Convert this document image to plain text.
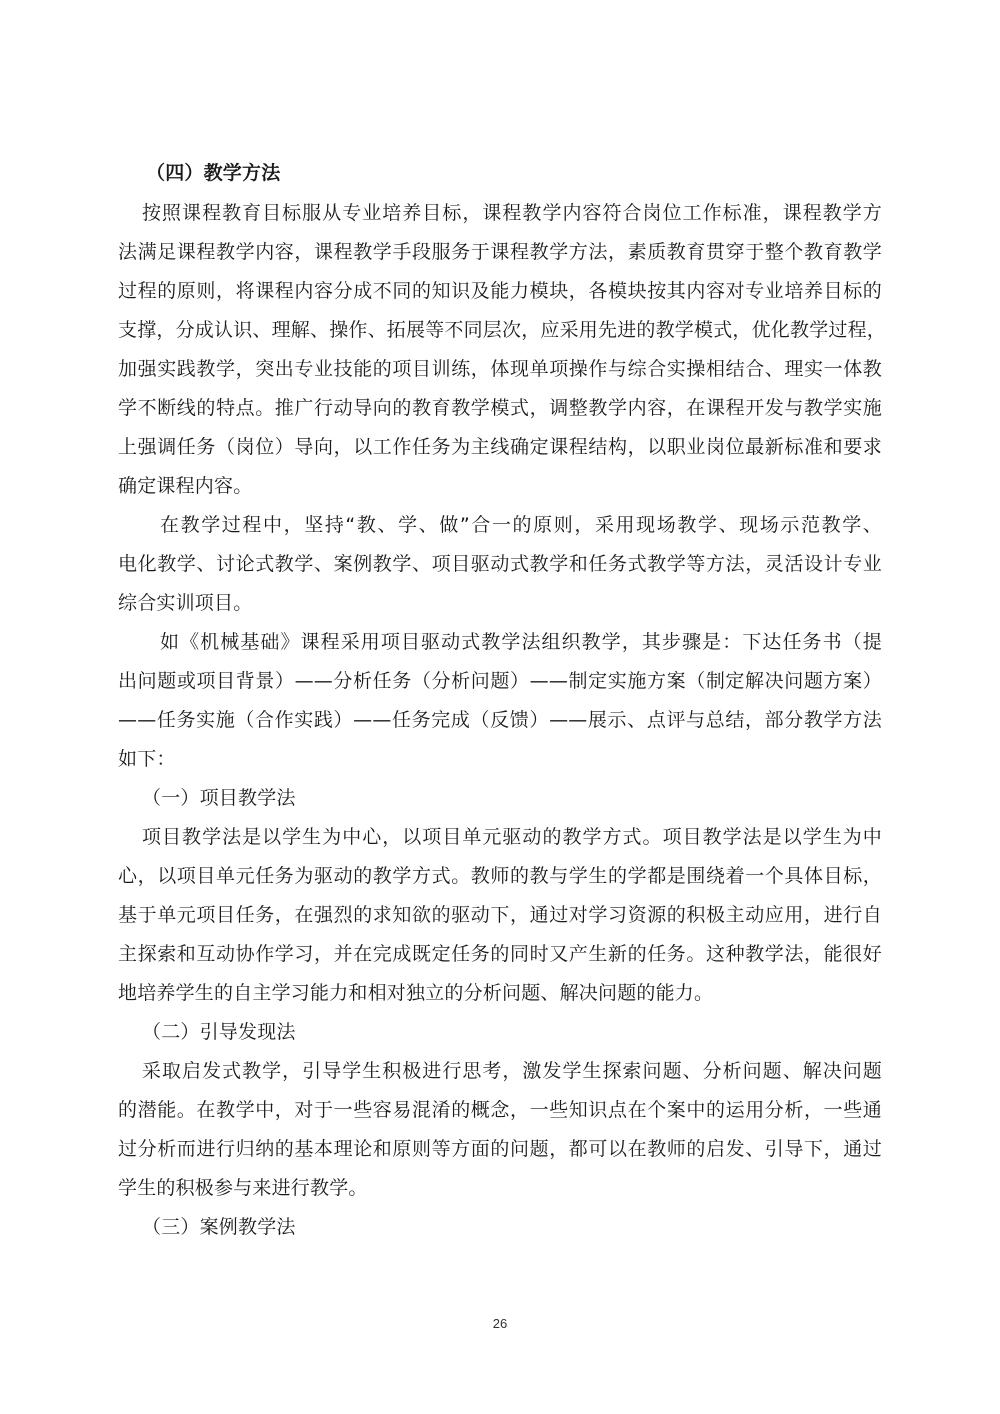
（四）教学方法
按照课程教育目标服从专业培养目标，课程教学内容符合岗位工作标准，课程教学方
法满足课程教学内容，课程教学手段服务于课程教学方法，素质教育贯穿于整个教育教学
过程的原则，将课程内容分成不同的知识及能力模块，各模块按其内容对专业培养目标的
支撑，分成认识、理解、操作、拓展等不同层次，应采用先进的教学模式，优化教学过程，
加强实践教学，突出专业技能的项目训练，体现单项操作与综合实操相结合、理实一体教
学不断线的特点。推广行动导向的教育教学模式，调整教学内容，在课程开发与教学实施
上强调任务（岗位）导向，以工作任务为主线确定课程结构，以职业岗位最新标准和要求
确定课程内容。
在教学过程中，坚持“教、学、做”合一的原则，采用现场教学、现场示范教学、
电化教学、讨论式教学、案例教学、项目驱动式教学和任务式教学等方法，灵活设计专业
综合实训项目。
如《机械基础》课程采用项目驱动式教学法组织教学，其步骤是：下达任务书（提
出问题或项目背景）——分析任务（分析问题）——制定实施方案（制定解决问题方案）
——任务实施（合作实践）——任务完成（反馈）——展示、点评与总结，部分教学方法
如下：
（一）项目教学法
项目教学法是以学生为中心，以项目单元驱动的教学方式。项目教学法是以学生为中
心，以项目单元任务为驱动的教学方式。教师的教与学生的学都是围绕着一个具体目标，
基于单元项目任务，在强烈的求知欲的驱动下，通过对学习资源的积极主动应用，进行自
主探索和互动协作学习，并在完成既定任务的同时又产生新的任务。这种教学法，能很好
地培养学生的自主学习能力和相对独立的分析问题、解决问题的能力。
（二）引导发现法
采取启发式教学，引导学生积极进行思考，激发学生探索问题、分析问题、解决问题
的潜能。在教学中，对于一些容易混淆的概念，一些知识点在个案中的运用分析，一些通
过分析而进行归纳的基本理论和原则等方面的问题，都可以在教师的启发、引导下，通过
学生的积极参与来进行教学。
（三）案例教学法
26
